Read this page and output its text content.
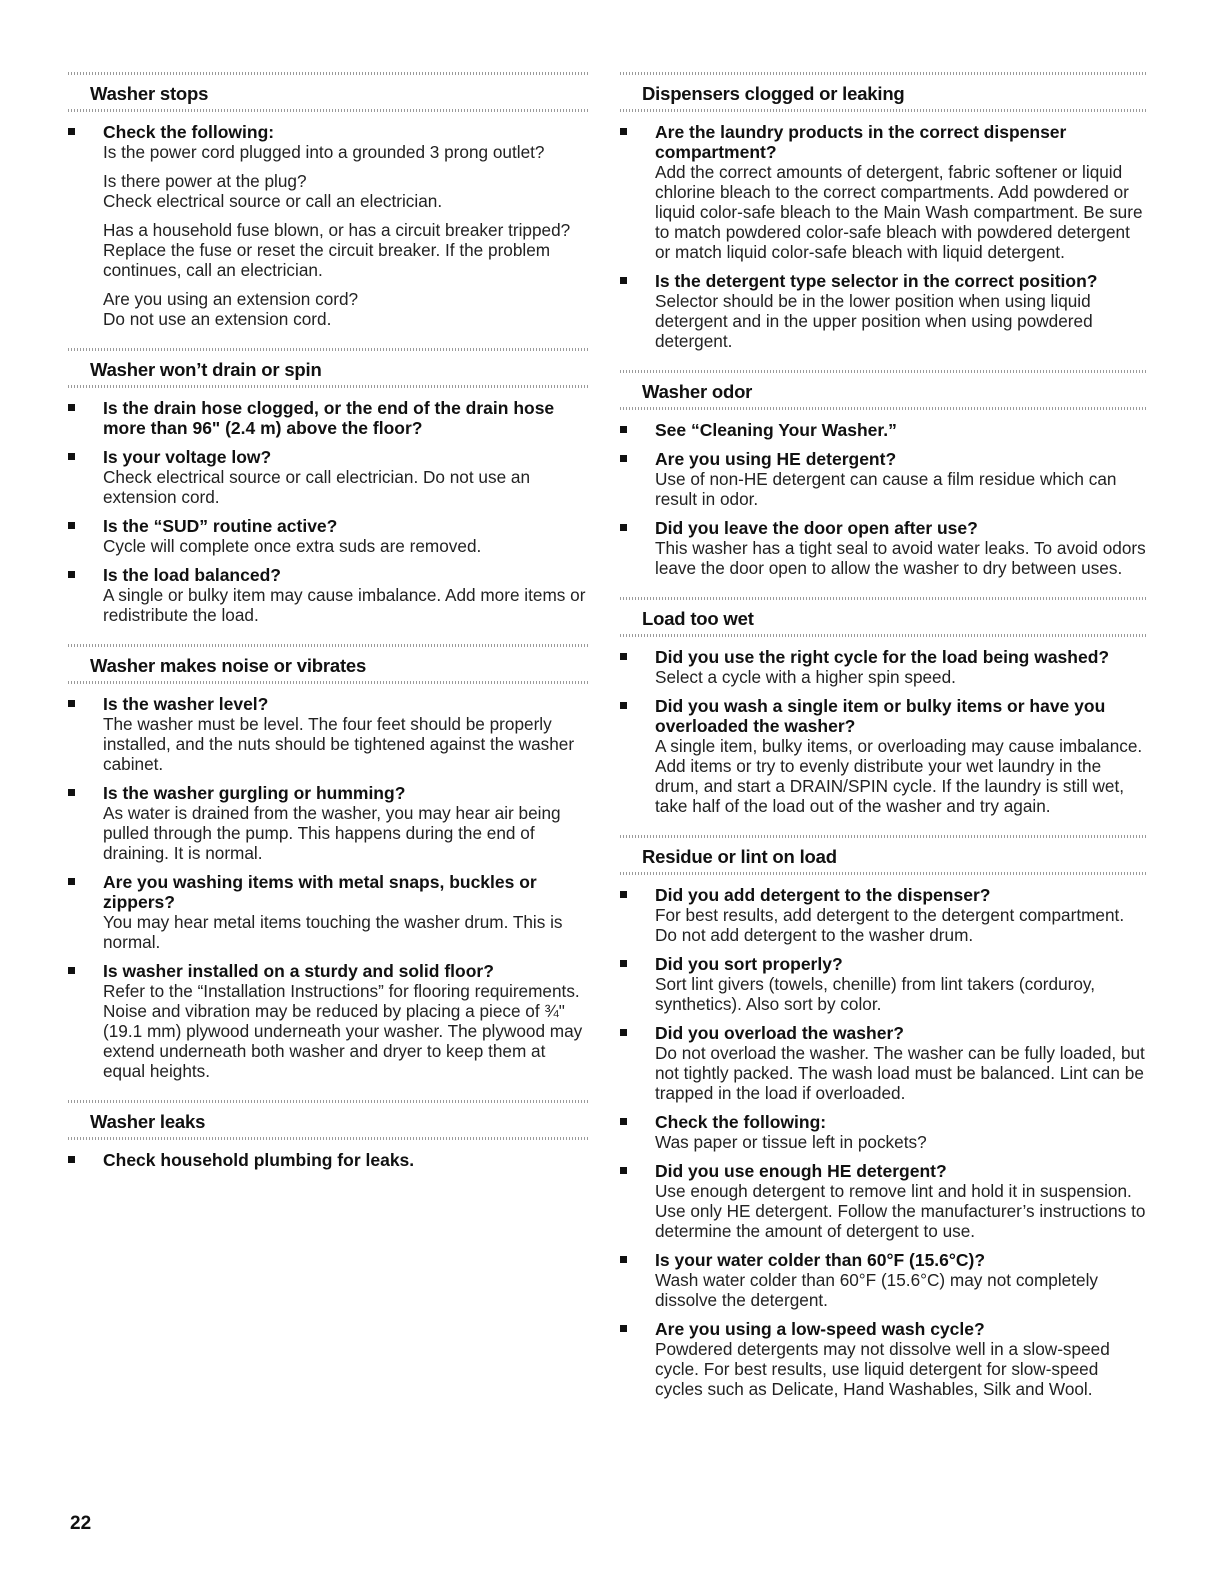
Washer stops
Check the following:
Is the power cord plugged into a grounded 3 prong outlet?
Is there power at the plug?
Check electrical source or call an electrician.
Has a household fuse blown, or has a circuit breaker tripped? Replace the fuse or reset the circuit breaker. If the problem continues, call an electrician.
Are you using an extension cord?
Do not use an extension cord.
Washer won’t drain or spin
Is the drain hose clogged, or the end of the drain hose more than 96" (2.4 m) above the floor?
Is your voltage low?
Check electrical source or call electrician. Do not use an extension cord.
Is the “SUD” routine active?
Cycle will complete once extra suds are removed.
Is the load balanced?
A single or bulky item may cause imbalance. Add more items or redistribute the load.
Washer makes noise or vibrates
Is the washer level?
The washer must be level. The four feet should be properly installed, and the nuts should be tightened against the washer cabinet.
Is the washer gurgling or humming?
As water is drained from the washer, you may hear air being pulled through the pump. This happens during the end of draining. It is normal.
Are you washing items with metal snaps, buckles or zippers?
You may hear metal items touching the washer drum. This is normal.
Is washer installed on a sturdy and solid floor?
Refer to the “Installation Instructions” for flooring requirements. Noise and vibration may be reduced by placing a piece of ¾" (19.1 mm) plywood underneath your washer. The plywood may extend underneath both washer and dryer to keep them at equal heights.
Washer leaks
Check household plumbing for leaks.
Dispensers clogged or leaking
Are the laundry products in the correct dispenser compartment?
Add the correct amounts of detergent, fabric softener or liquid chlorine bleach to the correct compartments. Add powdered or liquid color-safe bleach to the Main Wash compartment. Be sure to match powdered color-safe bleach with powdered detergent or match liquid color-safe bleach with liquid detergent.
Is the detergent type selector in the correct position?
Selector should be in the lower position when using liquid detergent and in the upper position when using powdered detergent.
Washer odor
See “Cleaning Your Washer.”
Are you using HE detergent?
Use of non-HE detergent can cause a film residue which can result in odor.
Did you leave the door open after use?
This washer has a tight seal to avoid water leaks. To avoid odors leave the door open to allow the washer to dry between uses.
Load too wet
Did you use the right cycle for the load being washed?
Select a cycle with a higher spin speed.
Did you wash a single item or bulky items or have you overloaded the washer?
A single item, bulky items, or overloading may cause imbalance. Add items or try to evenly distribute your wet laundry in the drum, and start a DRAIN/SPIN cycle. If the laundry is still wet, take half of the load out of the washer and try again.
Residue or lint on load
Did you add detergent to the dispenser?
For best results, add detergent to the detergent compartment. Do not add detergent to the washer drum.
Did you sort properly?
Sort lint givers (towels, chenille) from lint takers (corduroy, synthetics). Also sort by color.
Did you overload the washer?
Do not overload the washer. The washer can be fully loaded, but not tightly packed. The wash load must be balanced. Lint can be trapped in the load if overloaded.
Check the following:
Was paper or tissue left in pockets?
Did you use enough HE detergent?
Use enough detergent to remove lint and hold it in suspension. Use only HE detergent. Follow the manufacturer’s instructions to determine the amount of detergent to use.
Is your water colder than 60°F (15.6°C)?
Wash water colder than 60°F (15.6°C) may not completely dissolve the detergent.
Are you using a low-speed wash cycle?
Powdered detergents may not dissolve well in a slow-speed cycle. For best results, use liquid detergent for slow-speed cycles such as Delicate, Hand Washables, Silk and Wool.
22
